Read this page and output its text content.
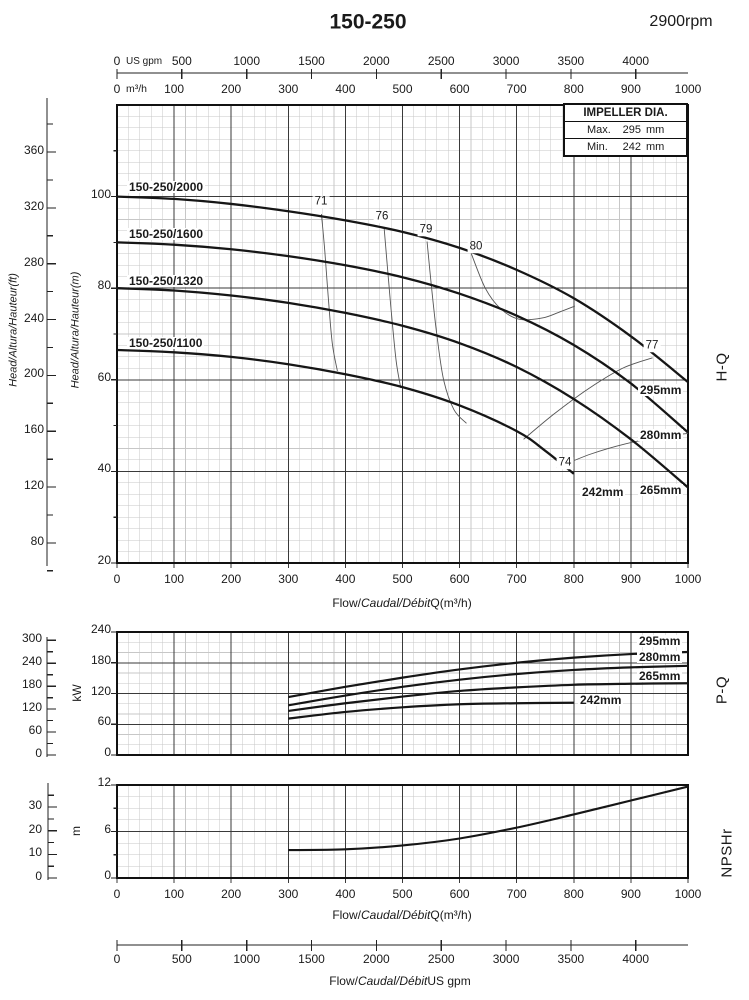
150-250	2900rpm
US gpm
m³/h
IMPELLER DIA.
Max.	295 mm
Min.	242 mm
Head/Altura/Hauteur(ft)	Head/Altura/Hauteur(m)
kW
m
H-Q
P-Q
NPSHr
Flow/ Caudal/Débit Q(m³/h)
Flow/ Caudal/Débit Q(m³/h)
Flow/ Caudal/Débit US gpm
0	500	1000	1500	2000	2500	3000	3500	4000
0	100	200	300	400	500	600	700	800	900	1000
0	100	200	300	400	500	600	700	800	900	1000
0	100	200	300	400	500	600	700	800	900	1000
0	500	1000	1500	2000	2500	3000	3500	4000
360
320
280
240
200
160
120
80
100
80
60
40
20
300
240
180
120
60
0
240
180
120
60
0
30
20
10
0
12
6
0
150-250/2000
150-250/1600
150-250/1320
150-250/1100
295mm
280mm
265mm
242mm
295mm
280mm
265mm
242mm
71
76
79
80
77
74
